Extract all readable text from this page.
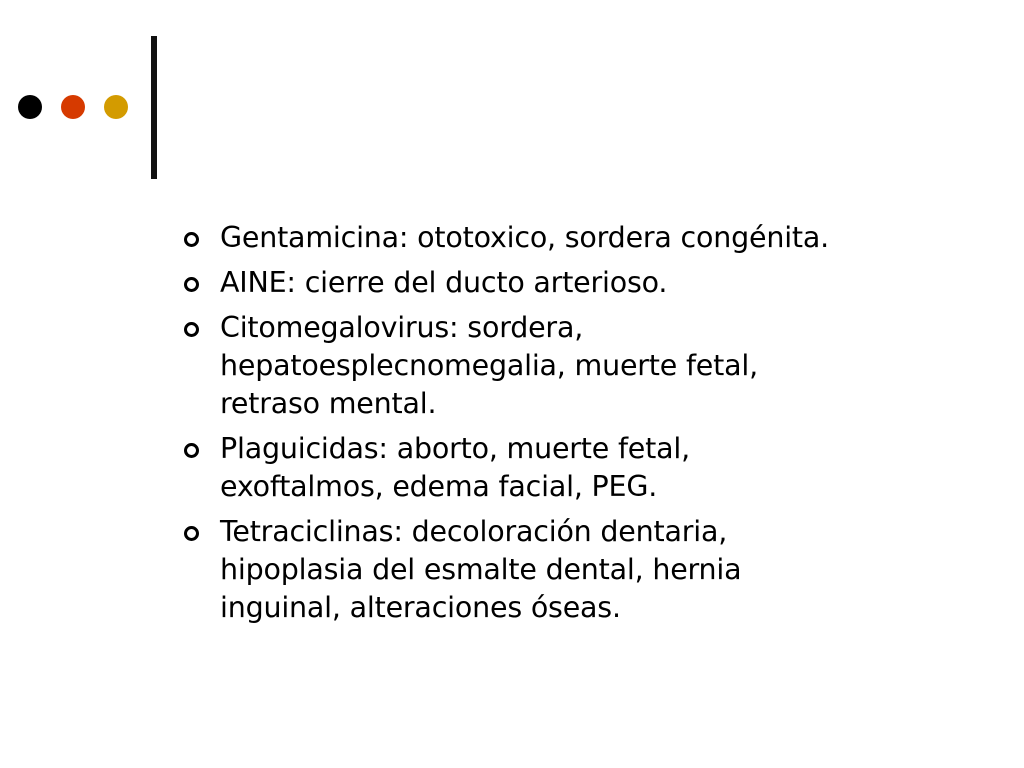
Gentamicina: ototoxico, sordera congénita.
AINE: cierre del ducto arterioso.
Citomegalovirus: sordera,
hepatoesplecnomegalia, muerte fetal,
retraso mental.
Plaguicidas: aborto, muerte fetal,
exoftalmos, edema facial, PEG.
Tetraciclinas: decoloración dentaria,
hipoplasia del esmalte dental, hernia
inguinal, alteraciones óseas.
